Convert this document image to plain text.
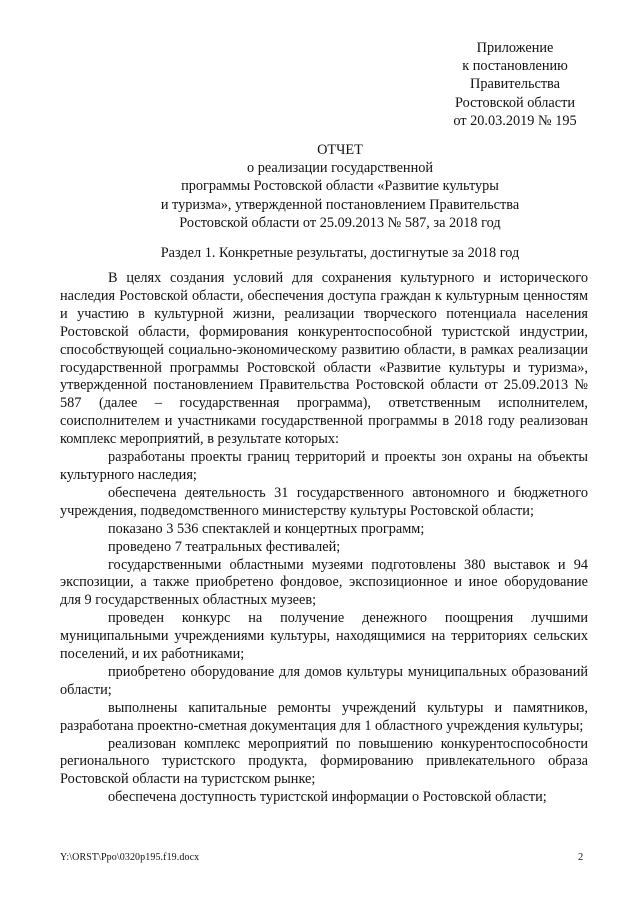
Приложение
к постановлению
Правительства
Ростовской области
от 20.03.2019 № 195
ОТЧЕТ
о реализации государственной
программы Ростовской области «Развитие культуры
и туризма», утвержденной постановлением Правительства
Ростовской области от 25.09.2013 № 587, за 2018 год
Раздел 1. Конкретные результаты, достигнутые за 2018 год

В целях создания условий для сохранения культурного и исторического наследия Ростовской области, обеспечения доступа граждан к культурным ценностям и участию в культурной жизни, реализации творческого потенциала населения Ростовской области, формирования конкурентоспособной туристской индустрии, способствующей социально-экономическому развитию области, в рамках реализации государственной программы Ростовской области «Развитие культуры и туризма», утвержденной постановлением Правительства Ростовской области от 25.09.2013 № 587 (далее – государственная программа), ответственным исполнителем, соисполнителем и участниками государственной программы в 2018 году реализован комплекс мероприятий, в результате которых:

разработаны проекты границ территорий и проекты зон охраны на объекты культурного наследия;

обеспечена деятельность 31 государственного автономного и бюджетного учреждения, подведомственного министерству культуры Ростовской области;

показано 3 536 спектаклей и концертных программ;

проведено 7 театральных фестивалей;

государственными областными музеями подготовлены 380 выставок и 94 экспозиции, а также приобретено фондовое, экспозиционное и иное оборудование для 9 государственных областных музеев;

проведен конкурс на получение денежного поощрения лучшими муниципальными учреждениями культуры, находящимися на территориях сельских поселений, и их работниками;

приобретено оборудование для домов культуры муниципальных образований области;

выполнены капитальные ремонты учреждений культуры и памятников, разработана проектно-сметная документация для 1 областного учреждения культуры;

реализован комплекс мероприятий по повышению конкурентоспособности регионального туристского продукта, формированию привлекательного образа Ростовской области на туристском рынке;

обеспечена доступность туристской информации о Ростовской области;

Y:\ORST\Ppo\0320p195.f19.docx	2
